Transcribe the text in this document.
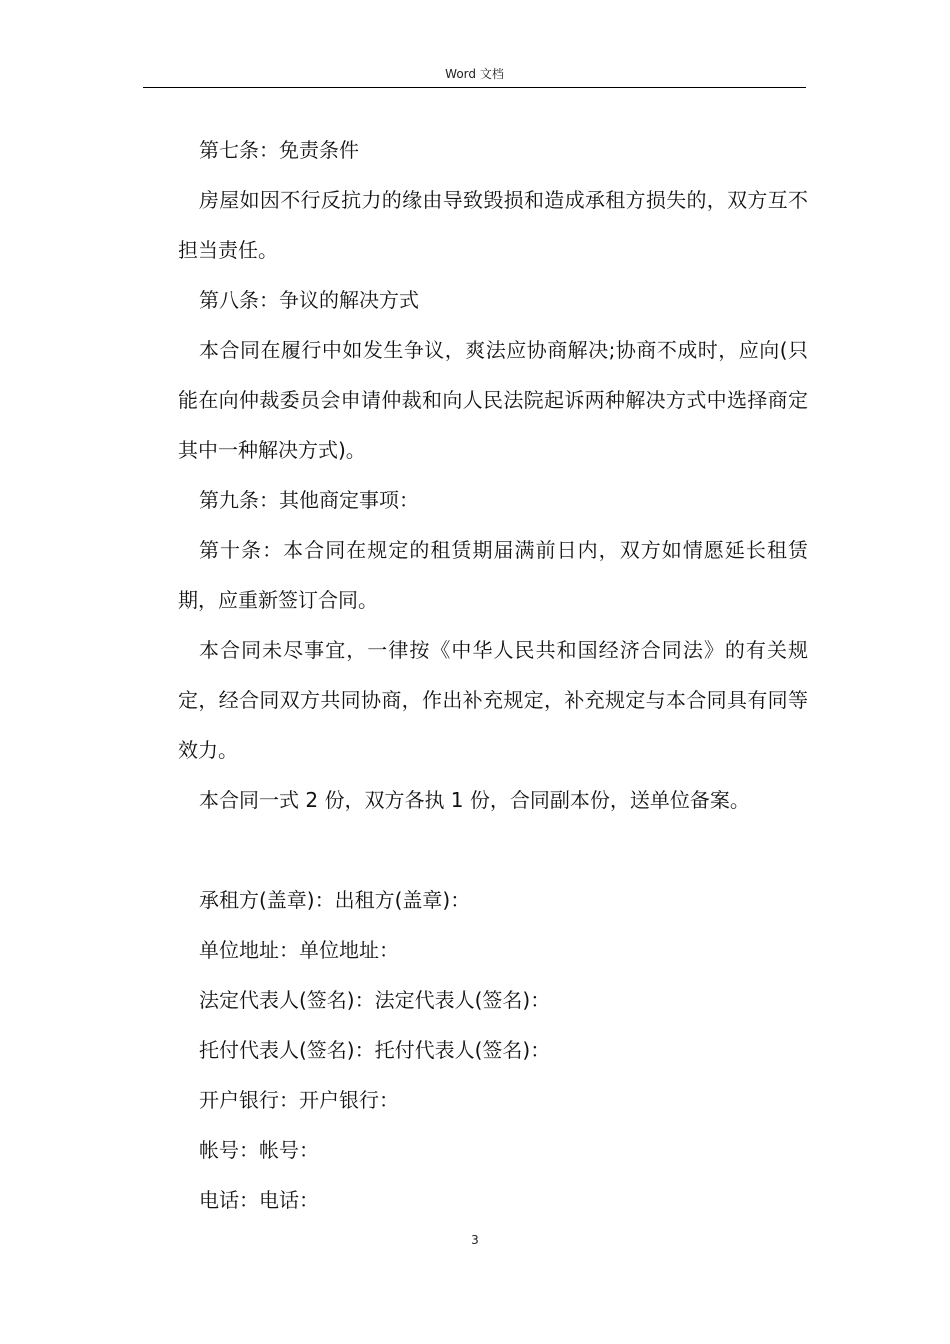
Word 文档

第七条：免责条件

房屋如因不行反抗力的缘由导致毁损和造成承租方损失的，双方互不担当责任。

第八条：争议的解决方式

本合同在履行中如发生争议，爽法应协商解决;协商不成时，应向(只能在向仲裁委员会申请仲裁和向人民法院起诉两种解决方式中选择商定其中一种解决方式)。

第九条：其他商定事项：

第十条：本合同在规定的租赁期届满前日内，双方如情愿延长租赁期，应重新签订合同。

本合同未尽事宜，一律按《中华人民共和国经济合同法》的有关规定，经合同双方共同协商，作出补充规定，补充规定与本合同具有同等效力。

本合同一式 2 份，双方各执 1 份，合同副本份，送单位备案。

承租方(盖章)：出租方(盖章)：

单位地址：单位地址：

法定代表人(签名)：法定代表人(签名)：

托付代表人(签名)：托付代表人(签名)：

开户银行：开户银行：

帐号：帐号：

电话：电话：

3
